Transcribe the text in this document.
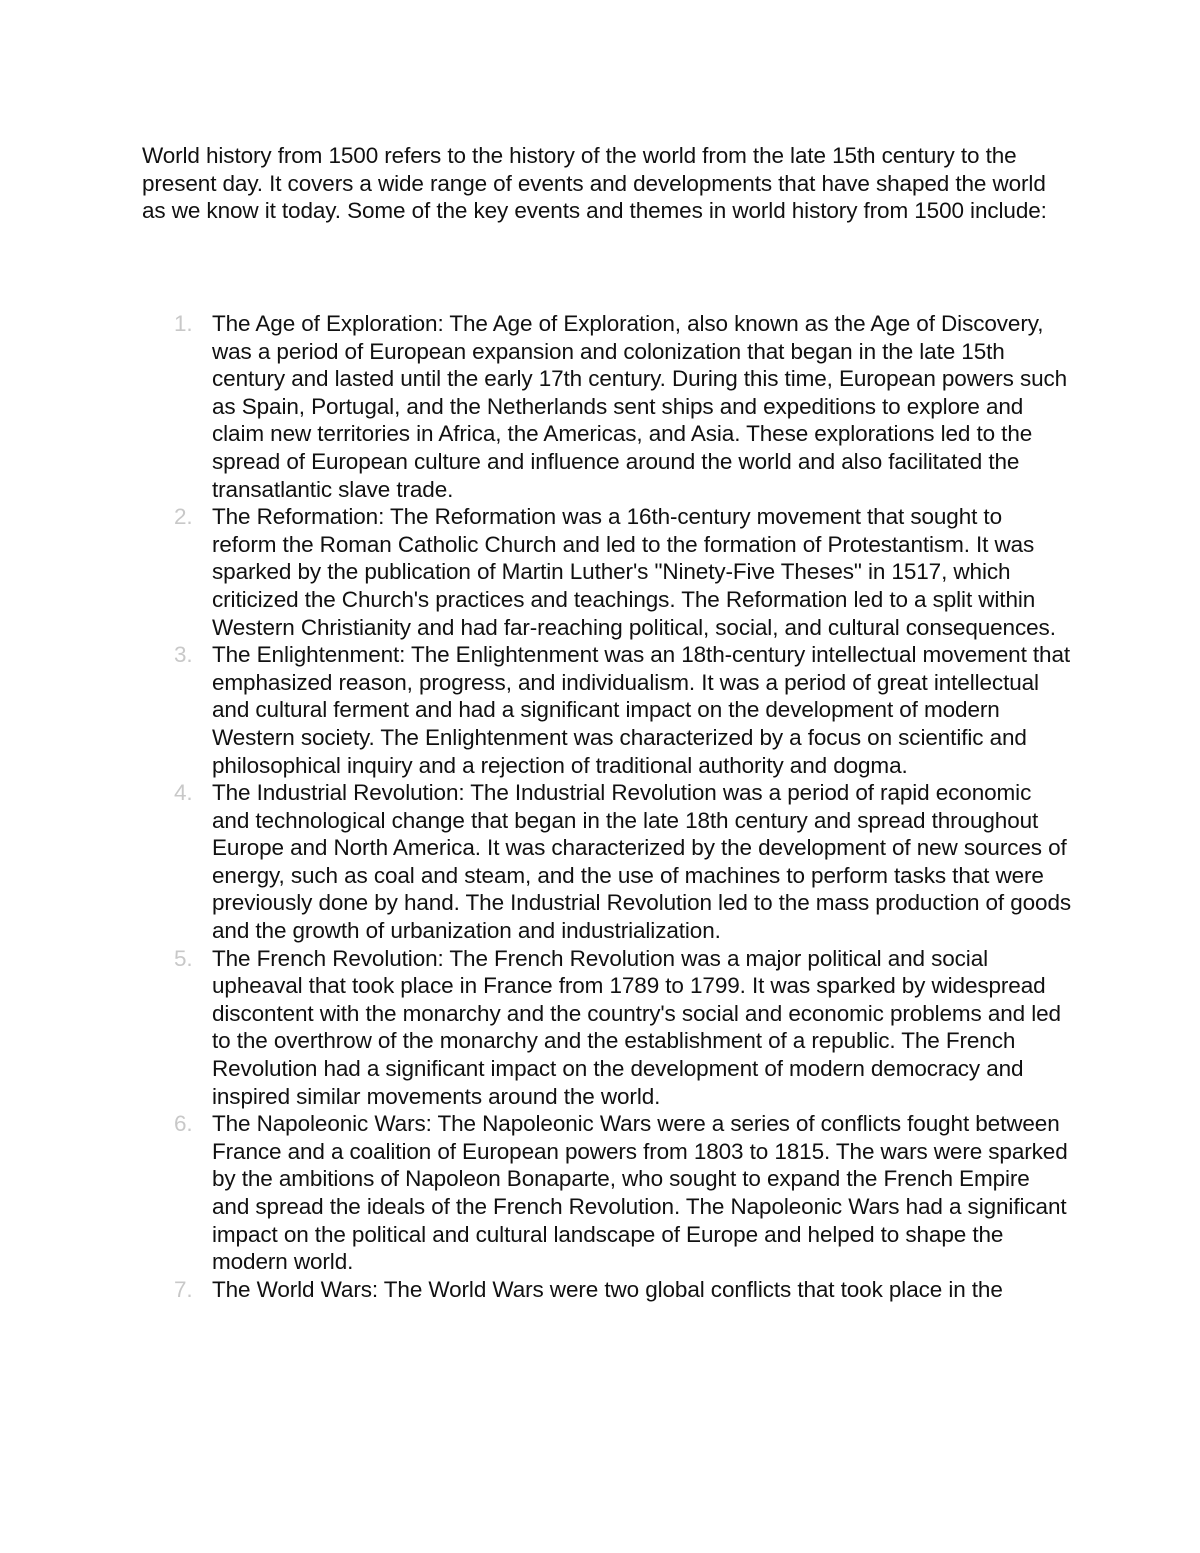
World history from 1500 refers to the history of the world from the late 15th century to the present day. It covers a wide range of events and developments that have shaped the world as we know it today. Some of the key events and themes in world history from 1500 include:

1. The Age of Exploration: The Age of Exploration, also known as the Age of Discovery, was a period of European expansion and colonization that began in the late 15th century and lasted until the early 17th century. During this time, European powers such as Spain, Portugal, and the Netherlands sent ships and expeditions to explore and claim new territories in Africa, the Americas, and Asia. These explorations led to the spread of European culture and influence around the world and also facilitated the transatlantic slave trade.
2. The Reformation: The Reformation was a 16th-century movement that sought to reform the Roman Catholic Church and led to the formation of Protestantism. It was sparked by the publication of Martin Luther's "Ninety-Five Theses" in 1517, which criticized the Church's practices and teachings. The Reformation led to a split within Western Christianity and had far-reaching political, social, and cultural consequences.
3. The Enlightenment: The Enlightenment was an 18th-century intellectual movement that emphasized reason, progress, and individualism. It was a period of great intellectual and cultural ferment and had a significant impact on the development of modern Western society. The Enlightenment was characterized by a focus on scientific and philosophical inquiry and a rejection of traditional authority and dogma.
4. The Industrial Revolution: The Industrial Revolution was a period of rapid economic and technological change that began in the late 18th century and spread throughout Europe and North America. It was characterized by the development of new sources of energy, such as coal and steam, and the use of machines to perform tasks that were previously done by hand. The Industrial Revolution led to the mass production of goods and the growth of urbanization and industrialization.
5. The French Revolution: The French Revolution was a major political and social upheaval that took place in France from 1789 to 1799. It was sparked by widespread discontent with the monarchy and the country's social and economic problems and led to the overthrow of the monarchy and the establishment of a republic. The French Revolution had a significant impact on the development of modern democracy and inspired similar movements around the world.
6. The Napoleonic Wars: The Napoleonic Wars were a series of conflicts fought between France and a coalition of European powers from 1803 to 1815. The wars were sparked by the ambitions of Napoleon Bonaparte, who sought to expand the French Empire and spread the ideals of the French Revolution. The Napoleonic Wars had a significant impact on the political and cultural landscape of Europe and helped to shape the modern world.
7. The World Wars: The World Wars were two global conflicts that took place in the
